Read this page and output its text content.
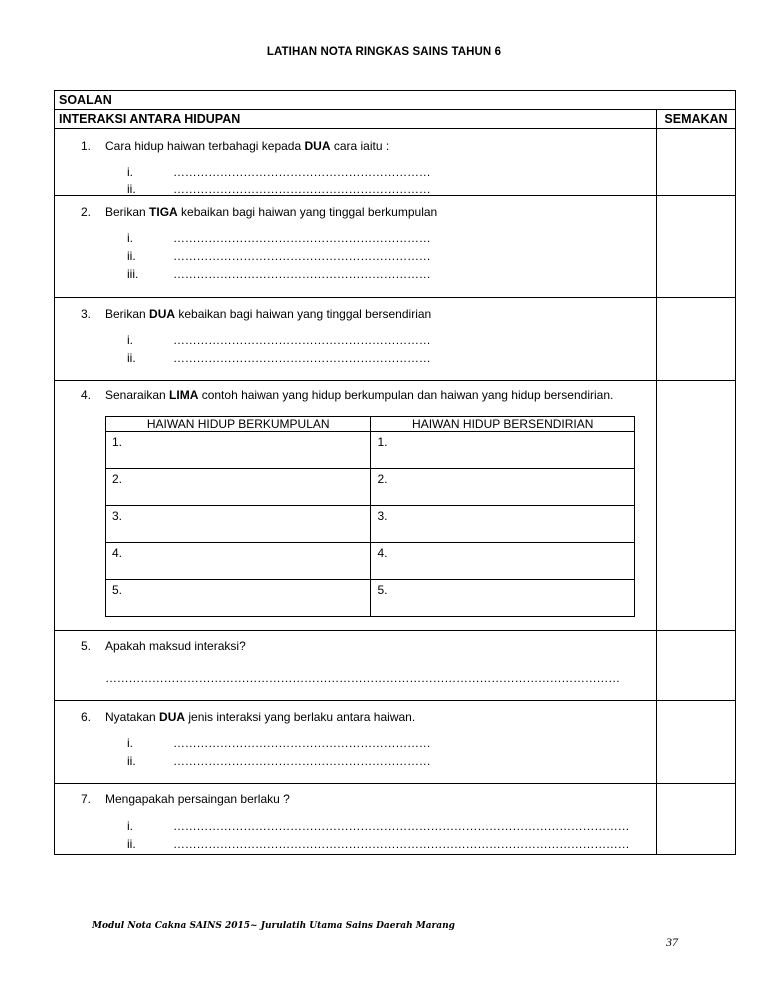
LATIHAN NOTA RINGKAS SAINS TAHUN 6
SOALAN
INTERAKSI ANTARA HIDUPAN	SEMAKAN
1. Cara hidup haiwan terbahagi kepada DUA cara iaitu :
i.	…………………………………………………………
ii.	…………………………………………………………
2. Berikan TIGA kebaikan bagi haiwan yang tinggal berkumpulan
i.	…………………………………………………………
ii.	…………………………………………………………
iii.	…………………………………………………………
3. Berikan DUA kebaikan bagi haiwan yang tinggal bersendirian
i.	…………………………………………………………
ii.	…………………………………………………………
4. Senaraikan LIMA contoh haiwan yang hidup berkumpulan dan haiwan yang hidup bersendirian.
HAIWAN HIDUP BERKUMPULAN	HAIWAN HIDUP BERSENDIRIAN
1.	1.
2.	2.
3.	3.
4.	4.
5.	5.
5. Apakah maksud interaksi?
……………………………………………………………………………………………………………………
6. Nyatakan DUA jenis interaksi yang berlaku antara haiwan.
i.	…………………………………………………………
ii.	…………………………………………………………
7. Mengapakah persaingan berlaku ?
i.	………………………………………………………………………………………………………
ii.	………………………………………………………………………………………………………
Modul Nota Cakna SAINS 2015~ Jurulatih Utama Sains Daerah Marang
37
